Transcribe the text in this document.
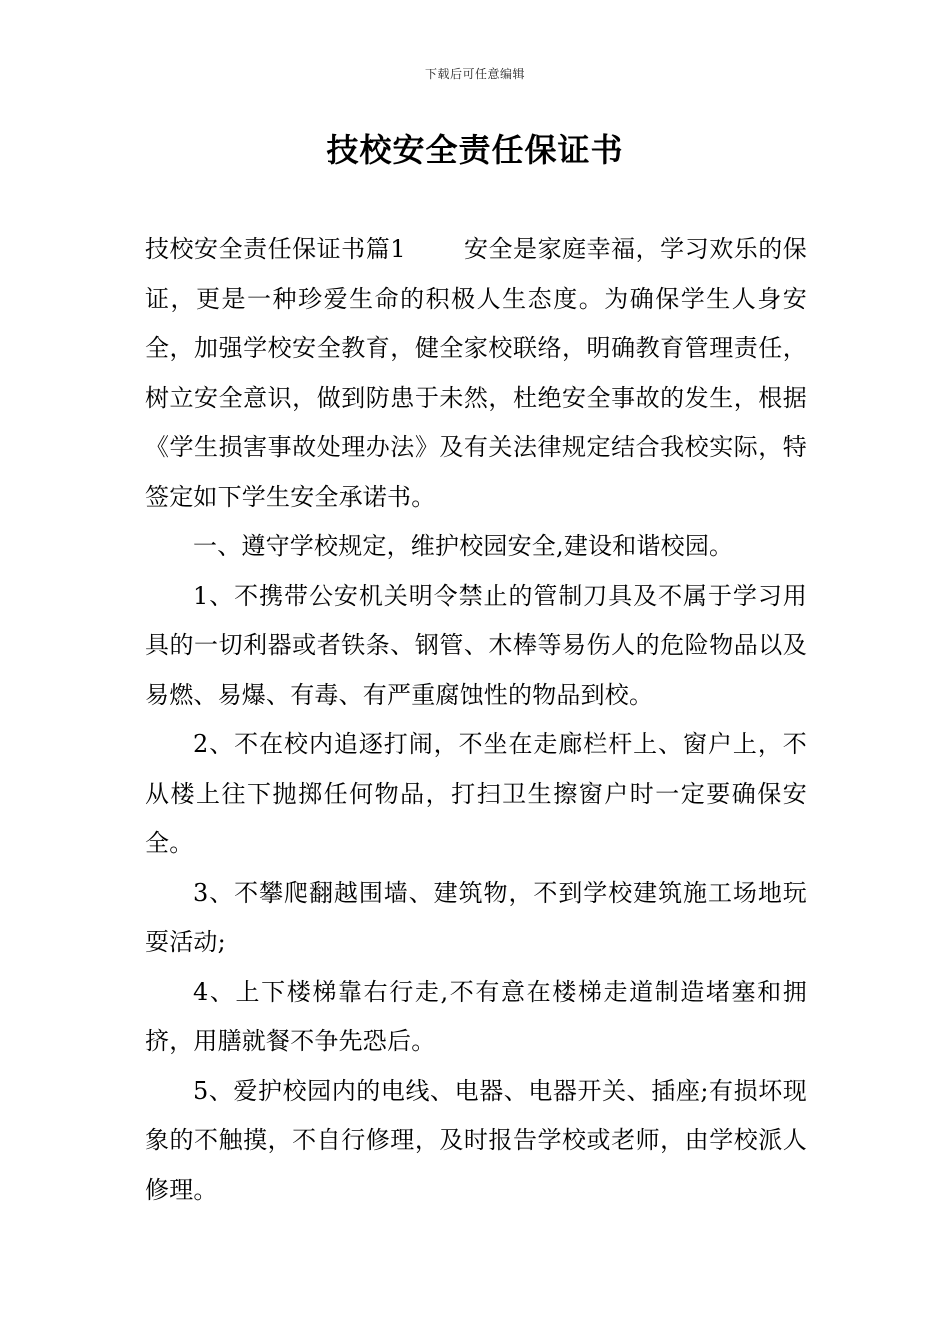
下载后可任意编辑
技校安全责任保证书

技校安全责任保证书篇1 安全是家庭幸福，学习欢乐的保证，更是一种珍爱生命的积极人生态度。为确保学生人身安全，加强学校安全教育，健全家校联络，明确教育管理责任，树立安全意识，做到防患于未然，杜绝安全事故的发生，根据《学生损害事故处理办法》及有关法律规定结合我校实际，特签定如下学生安全承诺书。

一、遵守学校规定，维护校园安全,建设和谐校园。

1、不携带公安机关明令禁止的管制刀具及不属于学习用具的一切利器或者铁条、钢管、木棒等易伤人的危险物品以及易燃、易爆、有毒、有严重腐蚀性的物品到校。

2、不在校内追逐打闹，不坐在走廊栏杆上、窗户上，不从楼上往下抛掷任何物品，打扫卫生擦窗户时一定要确保安全。

3、不攀爬翻越围墙、建筑物，不到学校建筑施工场地玩耍活动;

4、上下楼梯靠右行走,不有意在楼梯走道制造堵塞和拥挤，用膳就餐不争先恐后。

5、爱护校园内的电线、电器、电器开关、插座;有损坏现象的不触摸，不自行修理，及时报告学校或老师，由学校派人修理。
